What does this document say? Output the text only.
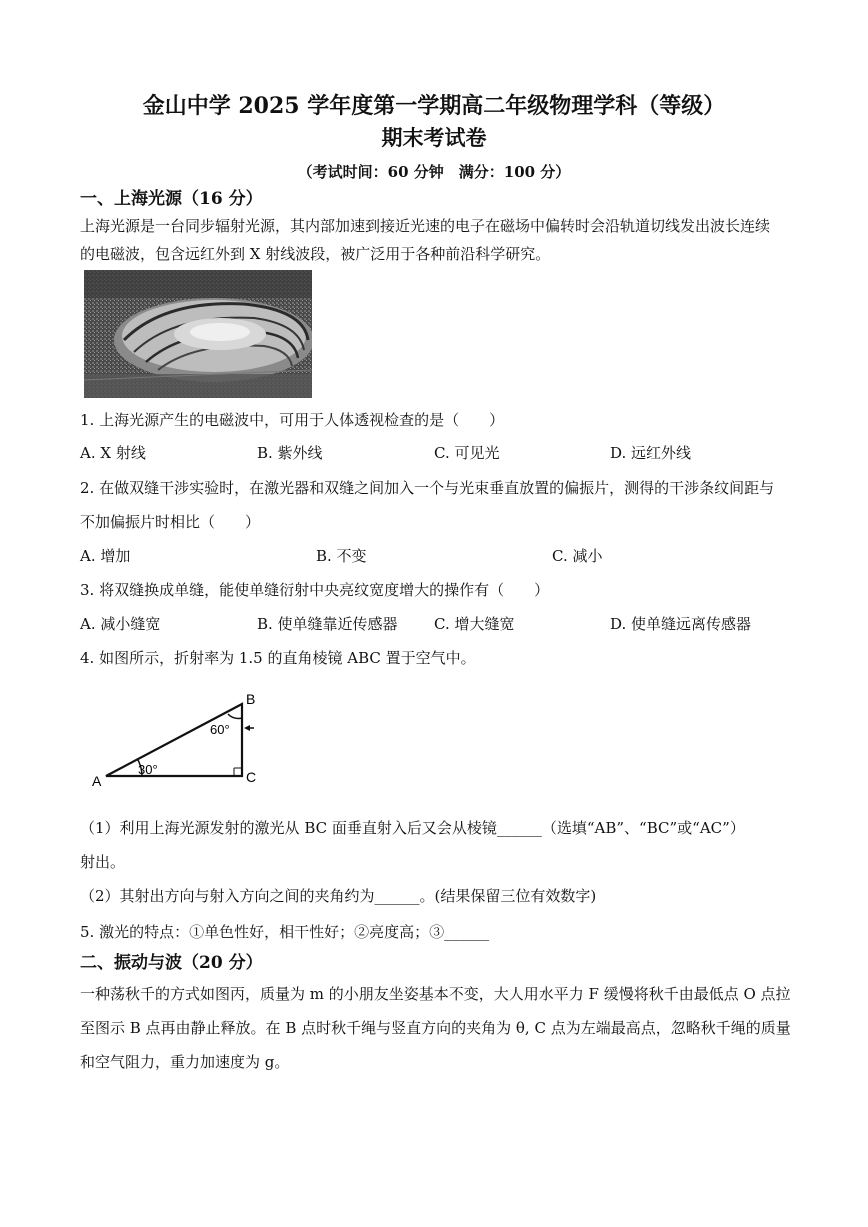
金山中学 2025 学年度第一学期高二年级物理学科（等级）
期末考试卷
（考试时间：60 分钟　满分：100 分）
一、上海光源（16 分）
上海光源是一台同步辐射光源，其内部加速到接近光速的电子在磁场中偏转时会沿轨道切线发出波长连续
的电磁波，包含远红外到 X 射线波段，被广泛用于各种前沿科学研究。
1. 上海光源产生的电磁波中，可用于人体透视检查的是（　　）
A. X 射线	B. 紫外线	C. 可见光	D. 远红外线
2. 在做双缝干涉实验时，在激光器和双缝之间加入一个与光束垂直放置的偏振片，测得的干涉条纹间距与
不加偏振片时相比（　　）
A. 增加	B. 不变	C. 减小
3. 将双缝换成单缝，能使单缝衍射中央亮纹宽度增大的操作有（　　）
A. 减小缝宽	B. 使单缝靠近传感器 C. 增大缝宽	D. 使单缝远离传感器
4. 如图所示，折射率为 1.5 的直角棱镜 ABC 置于空气中。
A
B
C
30°
60°
（1）利用上海光源发射的激光从 BC 面垂直射入后又会从棱镜______（选填“AB”、“BC”或“AC”）
射出。
（2）其射出方向与射入方向之间的夹角约为______。(结果保留三位有效数字)
5. 激光的特点：①单色性好，相干性好；②亮度高；③______
二、振动与波（20 分）
一种荡秋千的方式如图丙，质量为 m 的小朋友坐姿基本不变，大人用水平力 F 缓慢将秋千由最低点 O 点拉
至图示 B 点再由静止释放。在 B 点时秋千绳与竖直方向的夹角为 θ, C 点为左端最高点，忽略秋千绳的质量
和空气阻力，重力加速度为 g。
